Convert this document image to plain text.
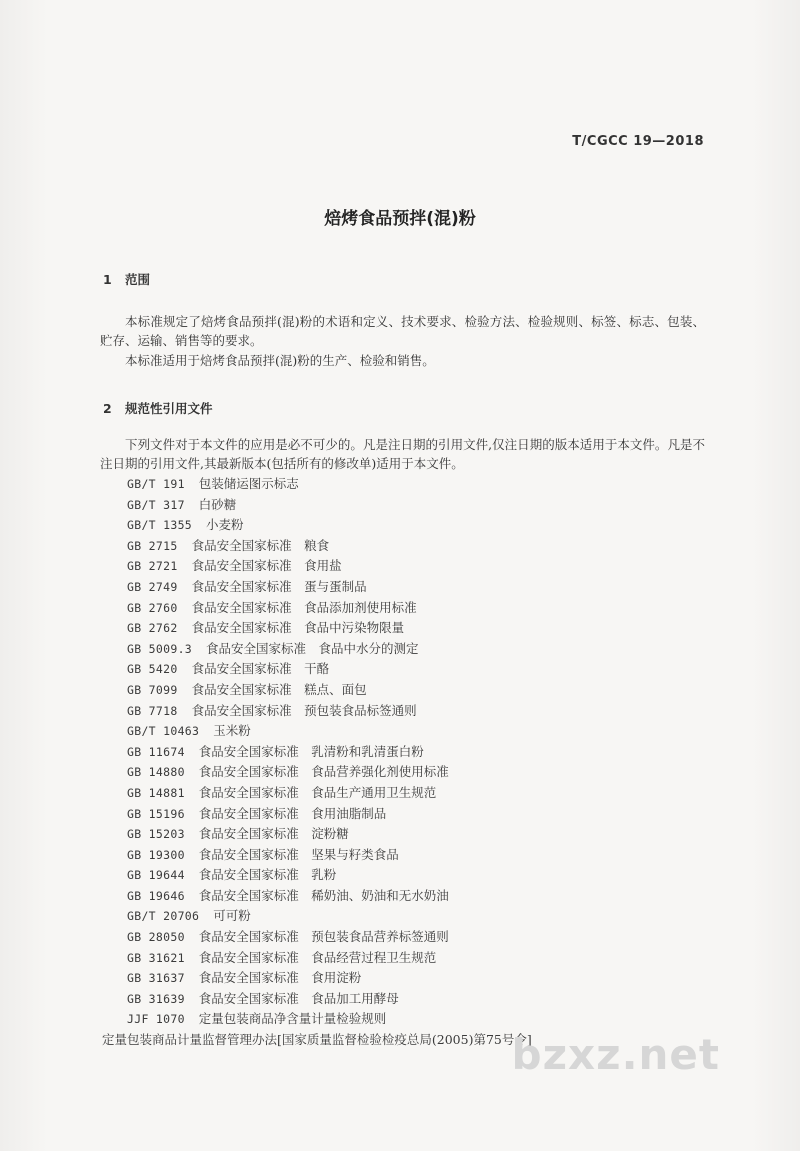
T/CGCC 19—2018
焙烤食品预拌(混)粉
1 范围
本标准规定了焙烤食品预拌(混)粉的术语和定义、技术要求、检验方法、检验规则、标签、标志、包装、贮存、运输、销售等的要求。
本标准适用于焙烤食品预拌(混)粉的生产、检验和销售。
2 规范性引用文件
下列文件对于本文件的应用是必不可少的。凡是注日期的引用文件,仅注日期的版本适用于本文件。凡是不注日期的引用文件,其最新版本(包括所有的修改单)适用于本文件。
GB/T 191 包装储运图示标志
GB/T 317 白砂糖
GB/T 1355 小麦粉
GB 2715 食品安全国家标准　粮食
GB 2721 食品安全国家标准　食用盐
GB 2749 食品安全国家标准　蛋与蛋制品
GB 2760 食品安全国家标准　食品添加剂使用标准
GB 2762 食品安全国家标准　食品中污染物限量
GB 5009.3 食品安全国家标准　食品中水分的测定
GB 5420 食品安全国家标准　干酪
GB 7099 食品安全国家标准　糕点、面包
GB 7718 食品安全国家标准　预包装食品标签通则
GB/T 10463 玉米粉
GB 11674 食品安全国家标准　乳清粉和乳清蛋白粉
GB 14880 食品安全国家标准　食品营养强化剂使用标准
GB 14881 食品安全国家标准　食品生产通用卫生规范
GB 15196 食品安全国家标准　食用油脂制品
GB 15203 食品安全国家标准　淀粉糖
GB 19300 食品安全国家标准　坚果与籽类食品
GB 19644 食品安全国家标准　乳粉
GB 19646 食品安全国家标准　稀奶油、奶油和无水奶油
GB/T 20706 可可粉
GB 28050 食品安全国家标准　预包装食品营养标签通则
GB 31621 食品安全国家标准　食品经营过程卫生规范
GB 31637 食品安全国家标准　食用淀粉
GB 31639 食品安全国家标准　食品加工用酵母
JJF 1070 定量包装商品净含量计量检验规则
定量包装商品计量监督管理办法[国家质量监督检验检疫总局(2005)第75号令]
bzxz.net
